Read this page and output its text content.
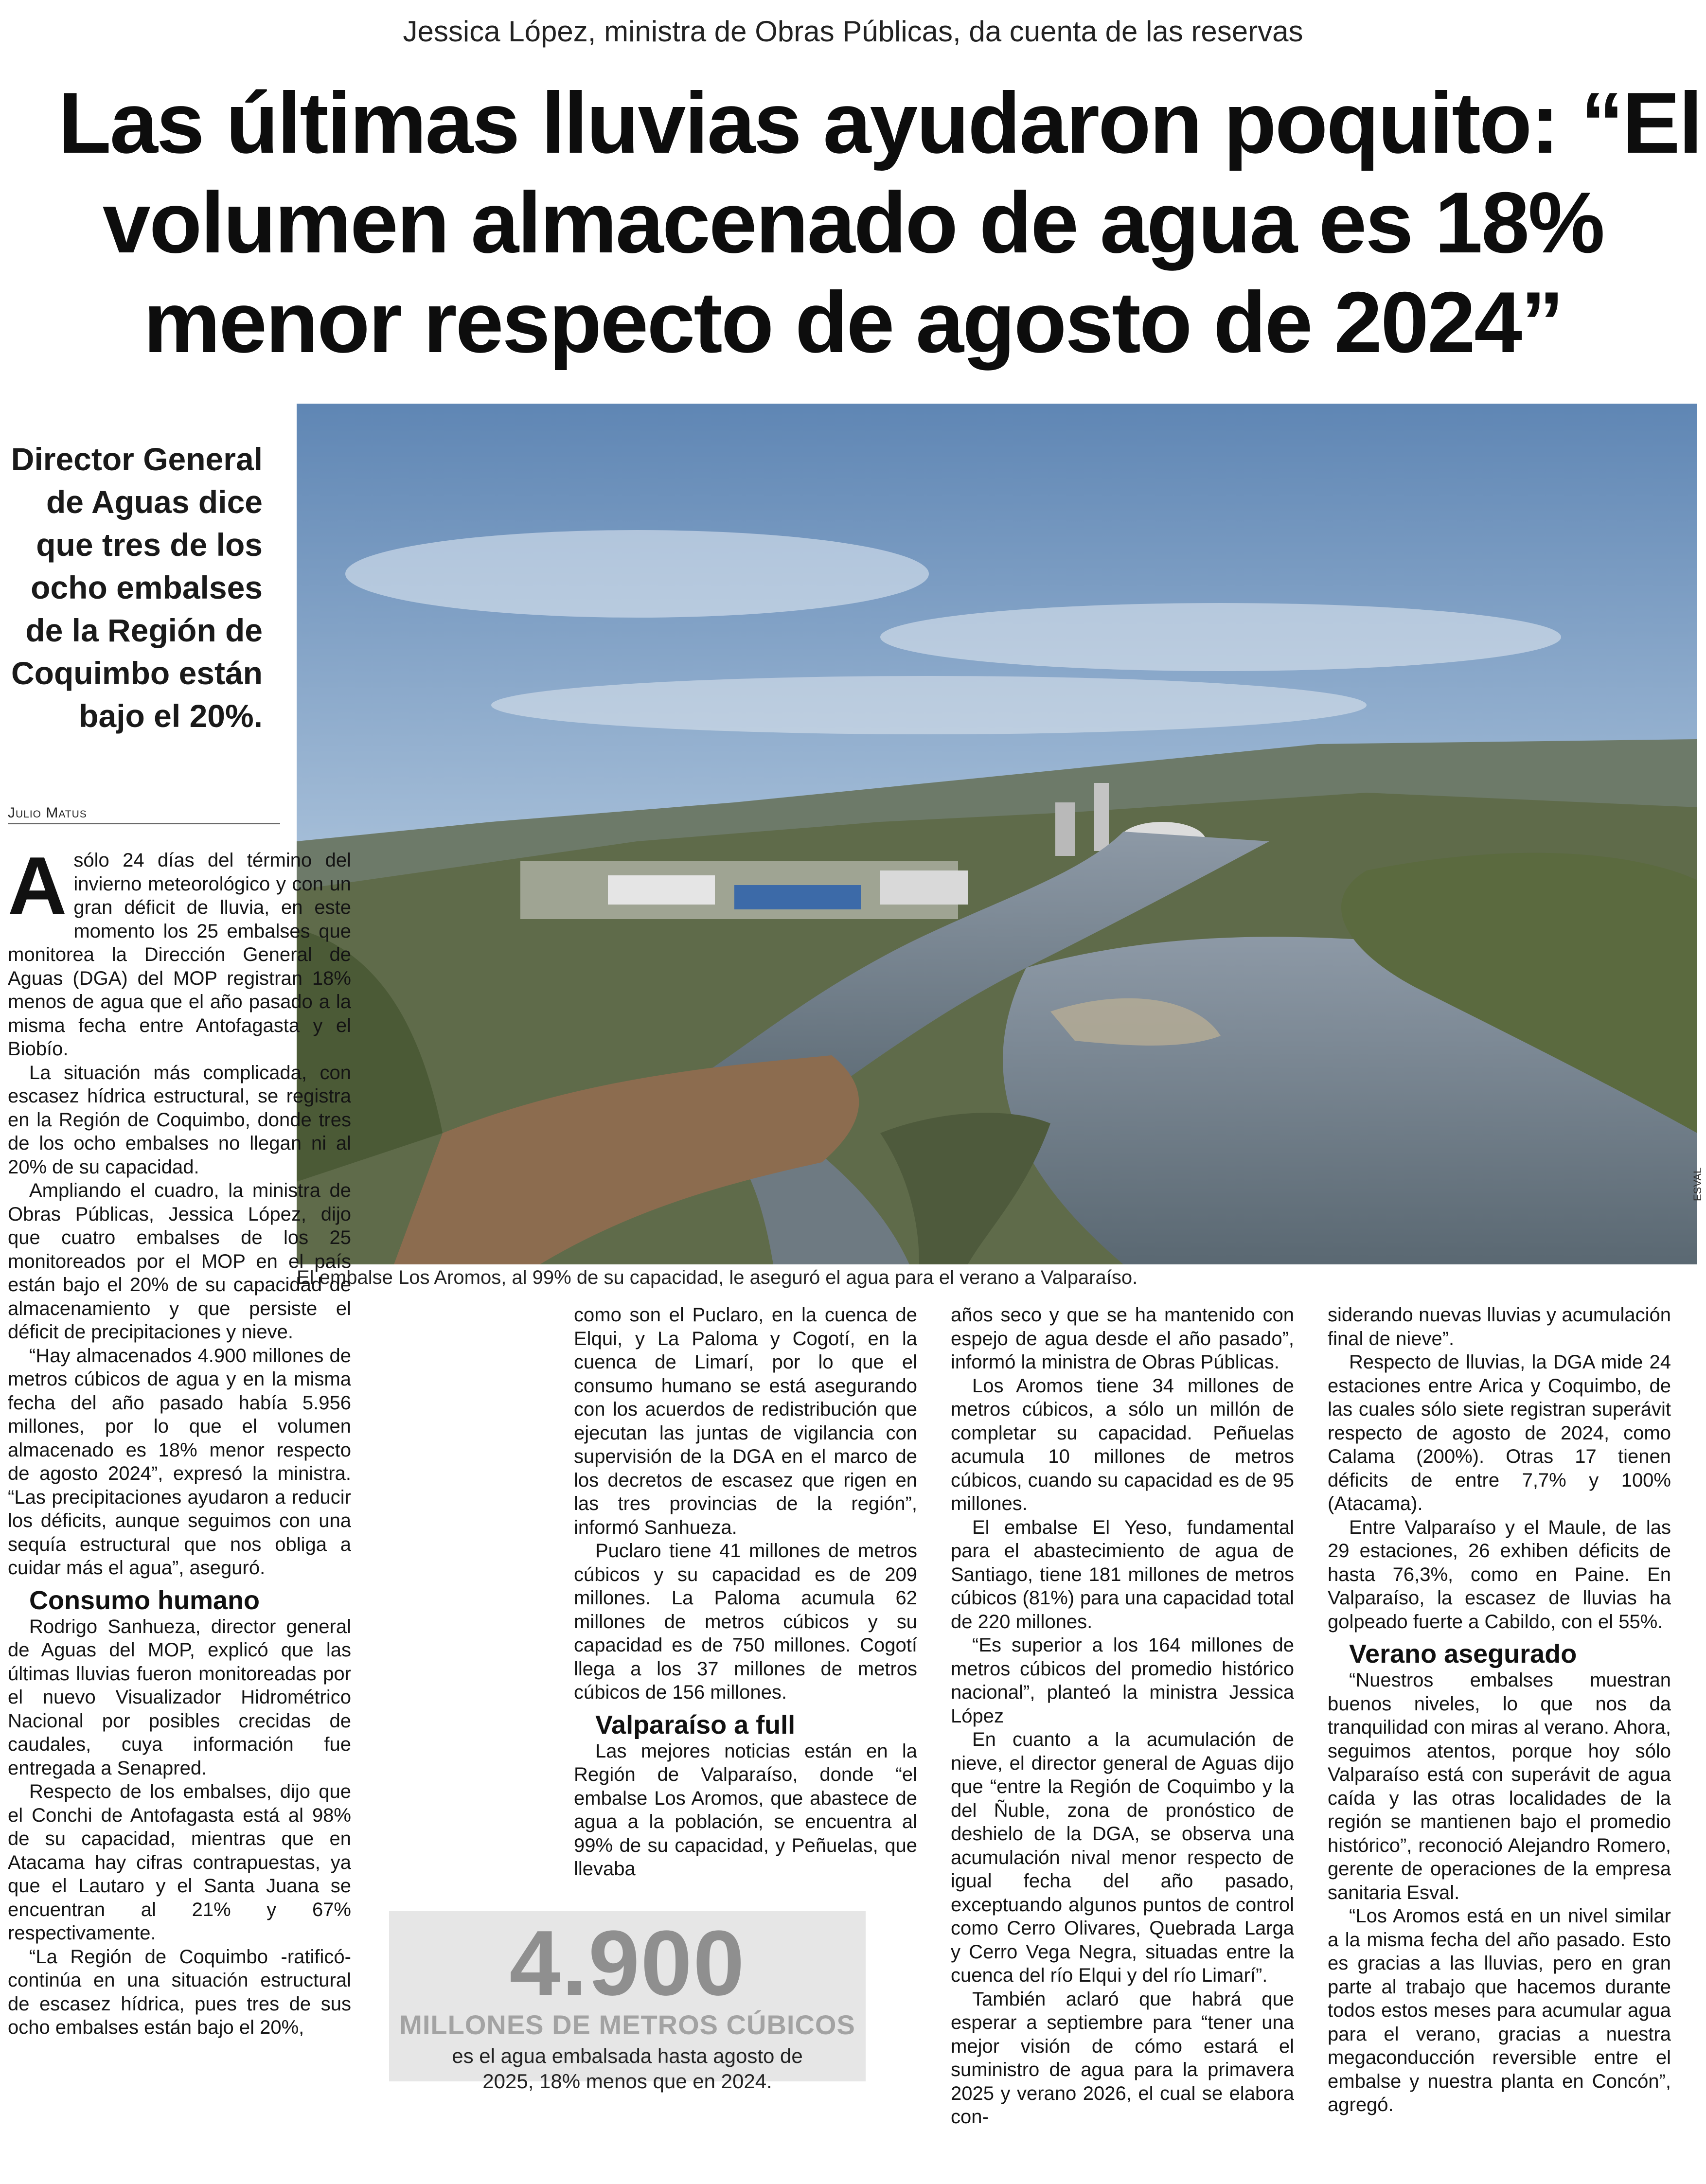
Jessica López, ministra de Obras Públicas, da cuenta de las reservas
Las últimas lluvias ayudaron poquito: “El
volumen almacenado de agua es 18%
menor respecto de agosto de 2024”
Director General
de Aguas dice
que tres de los
ocho embalses
de la Región de
Coquimbo están
bajo el 20%.
Julio Matus
ESVAL
El embalse Los Aromos, al 99% de su capacidad, le aseguró el agua para el verano a Valparaíso.

Asólo 24 días del término del invierno meteorológico y con un gran déficit de lluvia, en este momento los 25 embalses que monitorea la Dirección General de Aguas (DGA) del MOP registran 18% menos de agua que el año pasado a la misma fecha entre Antofagasta y el Biobío.

La situación más complicada, con escasez hídrica estructural, se registra en la Región de Coquimbo, donde tres de los ocho embalses no llegan ni al 20% de su capacidad.

Ampliando el cuadro, la ministra de Obras Públicas, Jessica López, dijo que cuatro embalses de los 25 monitoreados por el MOP en el país están bajo el 20% de su capacidad de almacenamiento y que persiste el déficit de precipitaciones y nieve.

“Hay almacenados 4.900 millones de metros cúbicos de agua y en la misma fecha del año pasado había 5.956 millones, por lo que el volumen almacenado es 18% menor respecto de agosto 2024”, expresó la ministra. “Las precipitaciones ayudaron a reducir los déficits, aunque seguimos con una sequía estructural que nos obliga a cuidar más el agua”, aseguró.

Consumo humano

Rodrigo Sanhueza, director general de Aguas del MOP, explicó que las últimas lluvias fueron monitoreadas por el nuevo Visualizador Hidrométrico Nacional por posibles crecidas de caudales, cuya información fue entregada a Senapred.

Respecto de los embalses, dijo que el Conchi de Antofagasta está al 98% de su capacidad, mientras que en Atacama hay cifras contrapuestas, ya que el Lautaro y el Santa Juana se encuentran al 21% y 67% respectivamente.

“La Región de Coquimbo -ratificó- continúa en una situación estructural de escasez hídrica, pues tres de sus ocho embalses están bajo el 20%,

como son el Puclaro, en la cuenca de Elqui, y La Paloma y Cogotí, en la cuenca de Limarí, por lo que el consumo humano se está asegurando con los acuerdos de redistribución que ejecutan las juntas de vigilancia con supervisión de la DGA en el marco de los decretos de escasez que rigen en las tres provincias de la región”, informó Sanhueza.

Puclaro tiene 41 millones de metros cúbicos y su capacidad es de 209 millones. La Paloma acumula 62 millones de metros cúbicos y su capacidad es de 750 millones. Cogotí llega a los 37 millones de metros cúbicos de 156 millones.

Valparaíso a full

Las mejores noticias están en la Región de Valparaíso, donde “el embalse Los Aromos, que abastece de agua a la población, se encuentra al 99% de su capacidad, y Peñuelas, que llevaba

años seco y que se ha mantenido con espejo de agua desde el año pasado”, informó la ministra de Obras Públicas.

Los Aromos tiene 34 millones de metros cúbicos, a sólo un millón de completar su capacidad. Peñuelas acumula 10 millones de metros cúbicos, cuando su capacidad es de 95 millones.

El embalse El Yeso, fundamental para el abastecimiento de agua de Santiago, tiene 181 millones de metros cúbicos (81%) para una capacidad total de 220 millones.

“Es superior a los 164 millones de metros cúbicos del promedio histórico nacional”, planteó la ministra Jessica López

En cuanto a la acumulación de nieve, el director general de Aguas dijo que “entre la Región de Coquimbo y la del Ñuble, zona de pronóstico de deshielo de la DGA, se observa una acumulación nival menor respecto de igual fecha del año pasado, exceptuando algunos puntos de control como Cerro Olivares, Quebrada Larga y Cerro Vega Negra, situadas entre la cuenca del río Elqui y del río Limarí”.

También aclaró que habrá que esperar a septiembre para “tener una mejor visión de cómo estará el suministro de agua para la primavera 2025 y verano 2026, el cual se elabora con-

siderando nuevas lluvias y acumulación final de nieve”.

Respecto de lluvias, la DGA mide 24 estaciones entre Arica y Coquimbo, de las cuales sólo siete registran superávit respecto de agosto de 2024, como Calama (200%). Otras 17 tienen déficits de entre 7,7% y 100% (Atacama).

Entre Valparaíso y el Maule, de las 29 estaciones, 26 exhiben déficits de hasta 76,3%, como en Paine. En Valparaíso, la escasez de lluvias ha golpeado fuerte a Cabildo, con el 55%.

Verano asegurado

“Nuestros embalses muestran buenos niveles, lo que nos da tranquilidad con miras al verano. Ahora, seguimos atentos, porque hoy sólo Valparaíso está con superávit de agua caída y las otras localidades de la región se mantienen bajo el promedio histórico”, reconoció Alejandro Romero, gerente de operaciones de la empresa sanitaria Esval.

“Los Aromos está en un nivel similar a la misma fecha del año pasado. Esto es gracias a las lluvias, pero en gran parte al trabajo que hacemos durante todos estos meses para acumular agua para el verano, gracias a nuestra megaconducción reversible entre el embalse y nuestra planta en Concón”, agregó.

4.900
MILLONES DE METROS CÚBICOS
es el agua embalsada hasta agosto de 2025, 18% menos que en 2024.
